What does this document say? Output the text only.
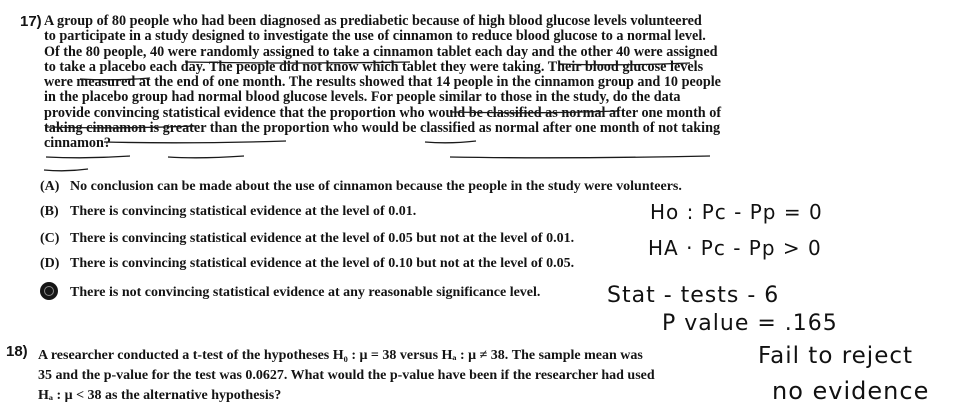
17) A group of 80 people who had been diagnosed as prediabetic because of high blood glucose levels volunteered
to participate in a study designed to investigate the use of cinnamon to reduce blood glucose to a normal level.
Of the 80 people, 40 were randomly assigned to take a cinnamon tablet each day and the other 40 were assigned
to take a placebo each day. The people did not know which tablet they were taking. Their blood glucose levels
were measured at the end of one month. The results showed that 14 people in the cinnamon group and 10 people
in the placebo group had normal blood glucose levels. For people similar to those in the study, do the data
provide convincing statistical evidence that the proportion who would be classified as normal after one month of
taking cinnamon is greater than the proportion who would be classified as normal after one month of not taking
cinnamon?
(A) No conclusion can be made about the use of cinnamon because the people in the study were volunteers.
(B) There is convincing statistical evidence at the level of 0.01.
(C) There is convincing statistical evidence at the level of 0.05 but not at the level of 0.01.
(D) There is convincing statistical evidence at the level of 0.10 but not at the level of 0.05.
There is not convincing statistical evidence at any reasonable significance level.
Ho : Pc - Pp = 0
HA · Pc - Pp > 0
Stat - tests - 6
P value = .165
Fail to reject
no evidence
18) A researcher conducted a t-test of the hypotheses H₀ : μ = 38 versus Hₐ : μ ≠ 38. The sample mean was
35 and the p-value for the test was 0.0627. What would the p-value have been if the researcher had used
Hₐ : μ < 38 as the alternative hypothesis?
